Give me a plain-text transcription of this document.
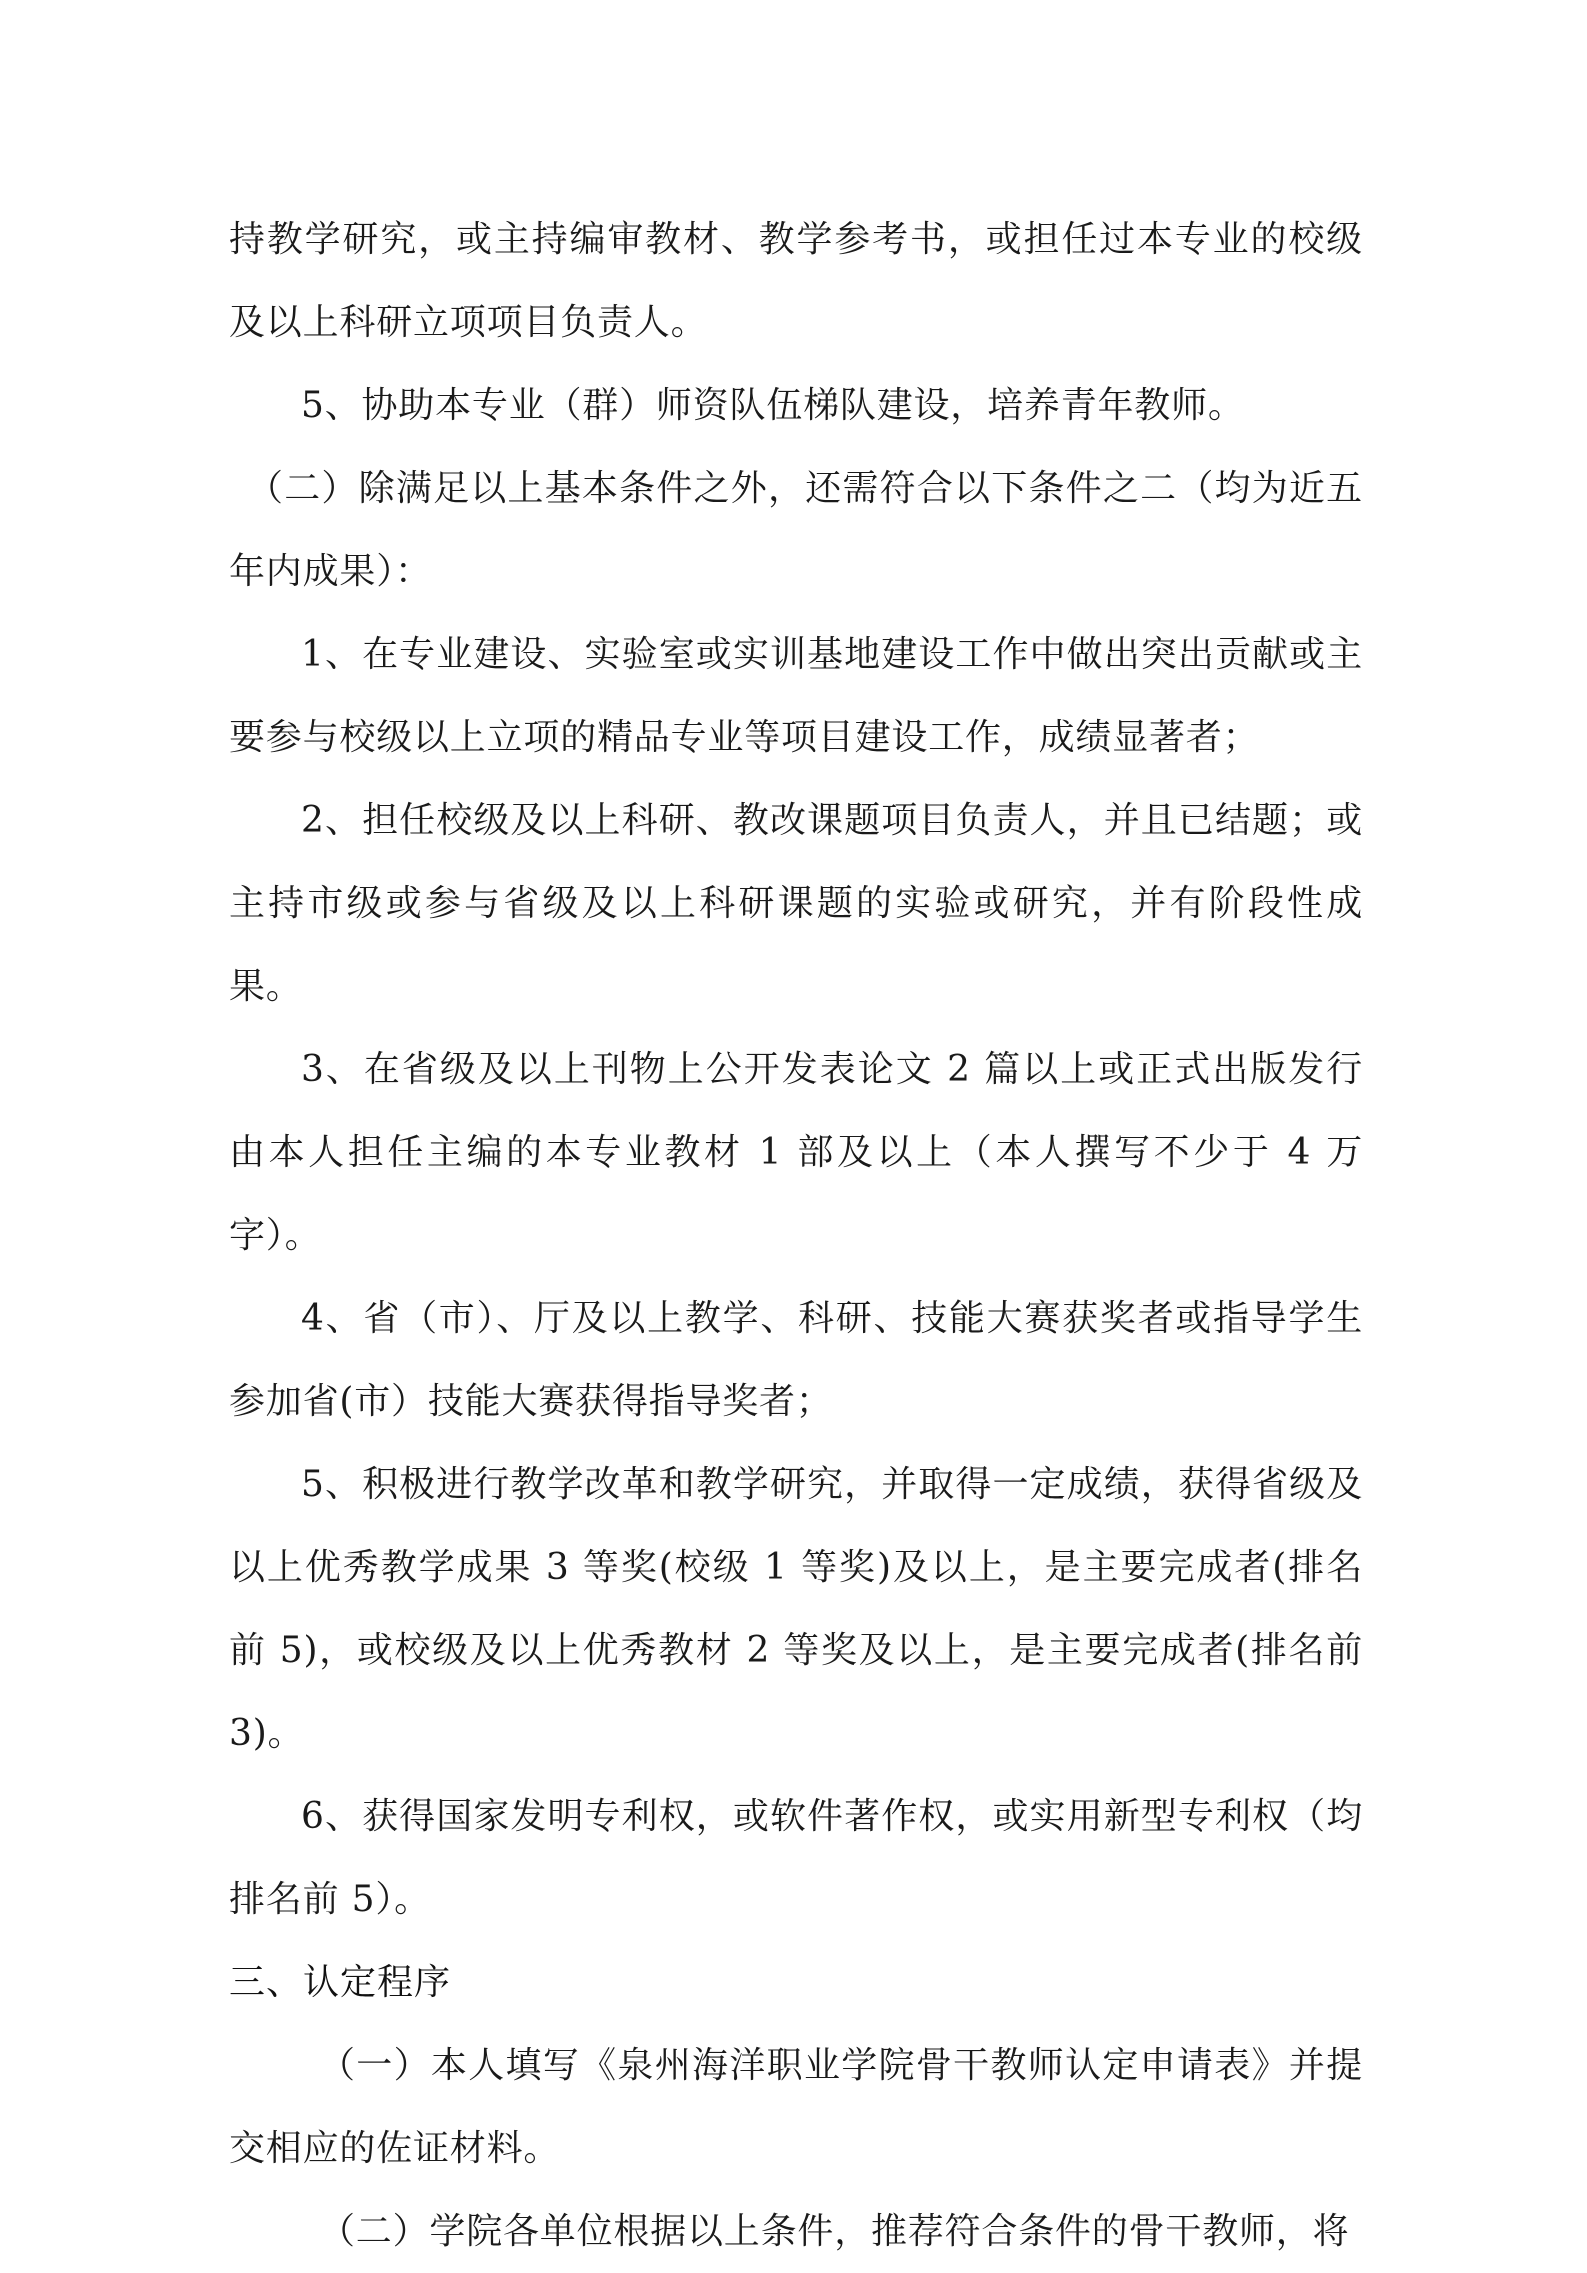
持教学研究，或主持编审教材、教学参考书，或担任过本专业的校级及以上科研立项项目负责人。

5、协助本专业（群）师资队伍梯队建设，培养青年教师。

（二）除满足以上基本条件之外，还需符合以下条件之二（均为近五年内成果）：

1、在专业建设、实验室或实训基地建设工作中做出突出贡献或主要参与校级以上立项的精品专业等项目建设工作，成绩显著者；

2、担任校级及以上科研、教改课题项目负责人，并且已结题；或主持市级或参与省级及以上科研课题的实验或研究，并有阶段性成果。

3、在省级及以上刊物上公开发表论文 2 篇以上或正式出版发行由本人担任主编的本专业教材 1 部及以上（本人撰写不少于 4 万字）。

4、省（市）、厅及以上教学、科研、技能大赛获奖者或指导学生参加省(市）技能大赛获得指导奖者；

5、积极进行教学改革和教学研究，并取得一定成绩，获得省级及以上优秀教学成果 3 等奖(校级 1 等奖)及以上，是主要完成者(排名前 5)，或校级及以上优秀教材 2 等奖及以上，是主要完成者(排名前 3)。

6、获得国家发明专利权，或软件著作权，或实用新型专利权（均排名前 5）。

三、认定程序

（一）本人填写《泉州海洋职业学院骨干教师认定申请表》并提交相应的佐证材料。

（二）学院各单位根据以上条件，推荐符合条件的骨干教师，将
